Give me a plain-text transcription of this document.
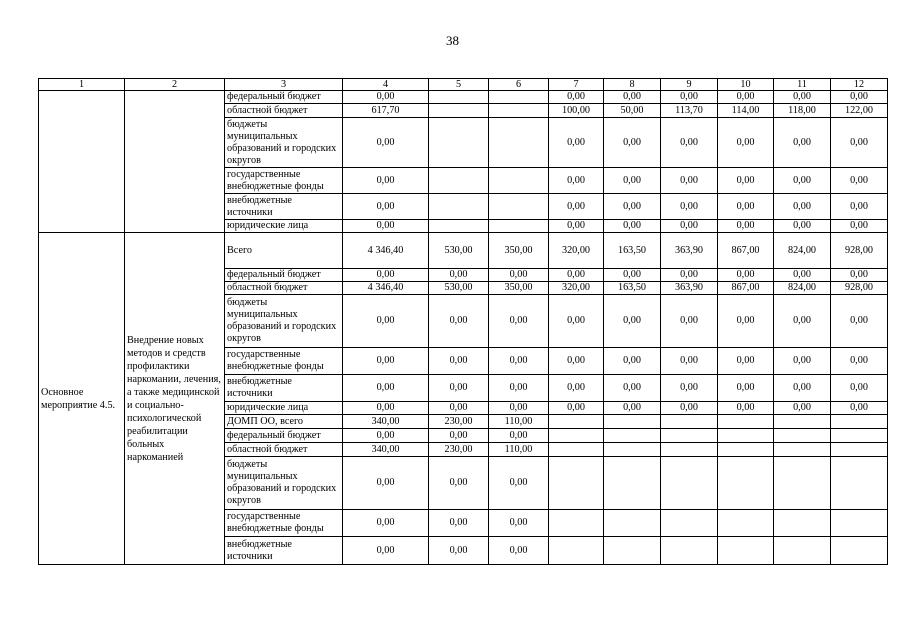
38
1	2	3	4	5	6	7	8	9	10	11	12
		федеральный бюджет	0,00			0,00	0,00	0,00	0,00	0,00	0,00
		областной бюджет	617,70			100,00	50,00	113,70	114,00	118,00	122,00
		бюджеты муниципальных образований и городских округов	0,00			0,00	0,00	0,00	0,00	0,00	0,00
		государственные внебюджетные фонды	0,00			0,00	0,00	0,00	0,00	0,00	0,00
		внебюджетные источники	0,00			0,00	0,00	0,00	0,00	0,00	0,00
		юридические лица	0,00			0,00	0,00	0,00	0,00	0,00	0,00
Основное мероприятие 4.5.	Внедрение новых методов и средств профилактики наркомании, лечения, а также медицинской и социально-психологической реабилитации больных наркоманией	Всего	4 346,40	530,00	350,00	320,00	163,50	363,90	867,00	824,00	928,00
		федеральный бюджет	0,00	0,00	0,00	0,00	0,00	0,00	0,00	0,00	0,00
		областной бюджет	4 346,40	530,00	350,00	320,00	163,50	363,90	867,00	824,00	928,00
		бюджеты муниципальных образований и городских округов	0,00	0,00	0,00	0,00	0,00	0,00	0,00	0,00	0,00
		государственные внебюджетные фонды	0,00	0,00	0,00	0,00	0,00	0,00	0,00	0,00	0,00
		внебюджетные источники	0,00	0,00	0,00	0,00	0,00	0,00	0,00	0,00	0,00
		юридические лица	0,00	0,00	0,00	0,00	0,00	0,00	0,00	0,00	0,00
		ДОМП ОО, всего	340,00	230,00	110,00						
		федеральный бюджет	0,00	0,00	0,00						
		областной бюджет	340,00	230,00	110,00						
		бюджеты муниципальных образований и городских округов	0,00	0,00	0,00						
		государственные внебюджетные фонды	0,00	0,00	0,00						
		внебюджетные источники	0,00	0,00	0,00						
